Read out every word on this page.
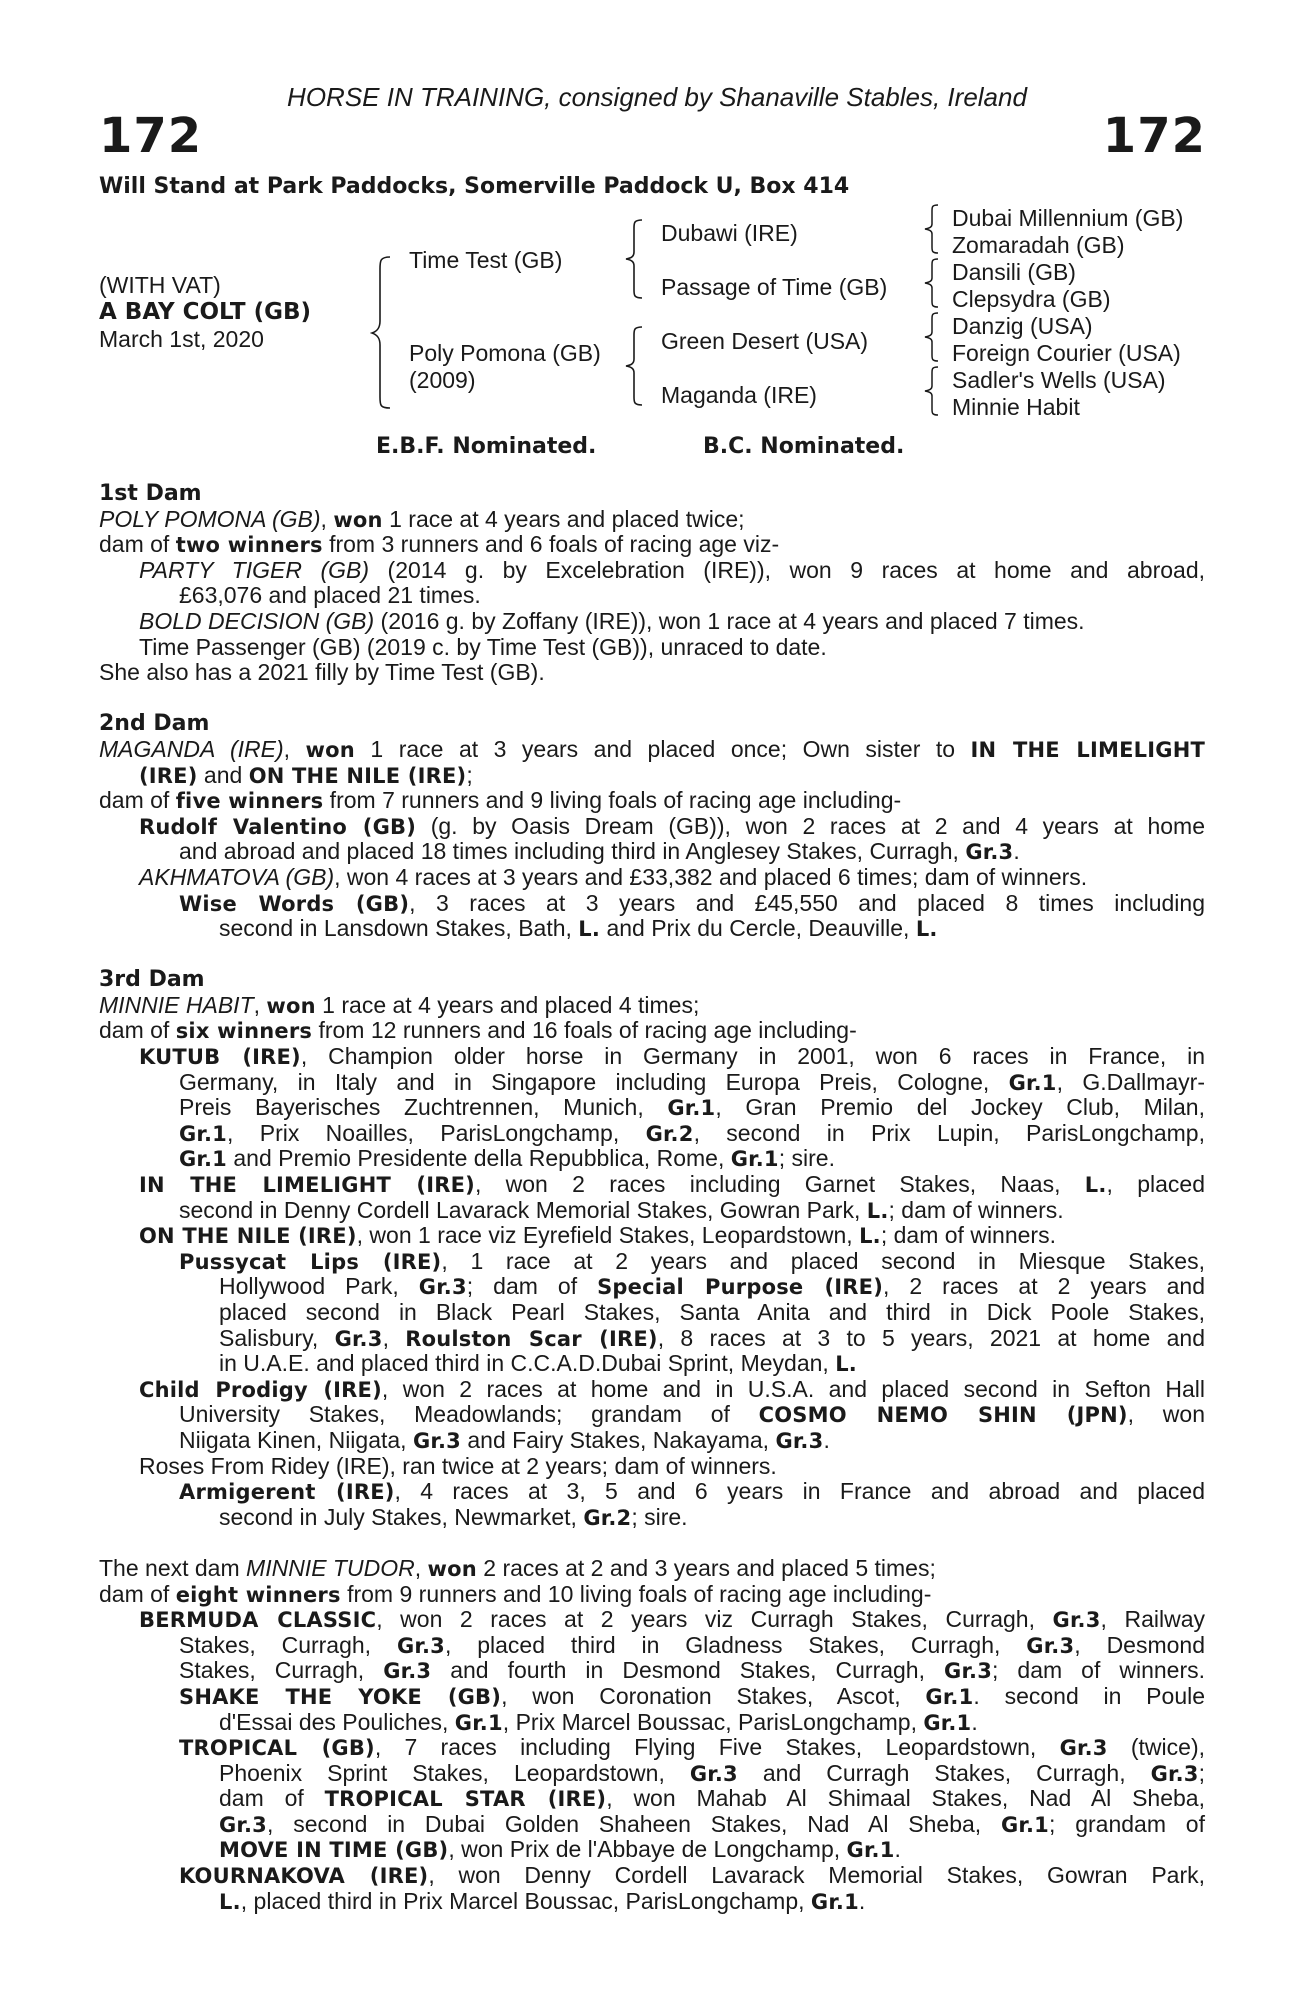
HORSE IN TRAINING, consigned by Shanaville Stables, Ireland
172	172
Will Stand at Park Paddocks, Somerville Paddock U, Box 414
(WITH VAT)
A BAY COLT (GB)
March 1st, 2020
Time Test (GB)
Poly Pomona (GB)
(2009)
Dubawi (IRE)
Passage of Time (GB)
Green Desert (USA)
Maganda (IRE)
Dubai Millennium (GB)
Zomaradah (GB)
Dansili (GB)
Clepsydra (GB)
Danzig (USA)
Foreign Courier (USA)
Sadler's Wells (USA)
Minnie Habit
E.B.F. Nominated.	B.C. Nominated.
1st Dam
POLY POMONA (GB), won 1 race at 4 years and placed twice;
dam of two winners from 3 runners and 6 foals of racing age viz-
PARTY TIGER (GB) (2014 g. by Excelebration (IRE)), won 9 races at home and abroad,
£63,076 and placed 21 times.
BOLD DECISION (GB) (2016 g. by Zoffany (IRE)), won 1 race at 4 years and placed 7 times.
Time Passenger (GB) (2019 c. by Time Test (GB)), unraced to date.
She also has a 2021 filly by Time Test (GB).
2nd Dam
MAGANDA (IRE), won 1 race at 3 years and placed once; Own sister to IN THE LIMELIGHT
(IRE) and ON THE NILE (IRE);
dam of five winners from 7 runners and 9 living foals of racing age including-
Rudolf Valentino (GB) (g. by Oasis Dream (GB)), won 2 races at 2 and 4 years at home
and abroad and placed 18 times including third in Anglesey Stakes, Curragh, Gr.3.
AKHMATOVA (GB), won 4 races at 3 years and £33,382 and placed 6 times; dam of winners.
Wise Words (GB), 3 races at 3 years and £45,550 and placed 8 times including
second in Lansdown Stakes, Bath, L. and Prix du Cercle, Deauville, L.
3rd Dam
MINNIE HABIT, won 1 race at 4 years and placed 4 times;
dam of six winners from 12 runners and 16 foals of racing age including-
KUTUB (IRE), Champion older horse in Germany in 2001, won 6 races in France, in
Germany, in Italy and in Singapore including Europa Preis, Cologne, Gr.1, G.Dallmayr-
Preis Bayerisches Zuchtrennen, Munich, Gr.1, Gran Premio del Jockey Club, Milan,
Gr.1, Prix Noailles, ParisLongchamp, Gr.2, second in Prix Lupin, ParisLongchamp,
Gr.1 and Premio Presidente della Repubblica, Rome, Gr.1; sire.
IN THE LIMELIGHT (IRE), won 2 races including Garnet Stakes, Naas, L., placed
second in Denny Cordell Lavarack Memorial Stakes, Gowran Park, L.; dam of winners.
ON THE NILE (IRE), won 1 race viz Eyrefield Stakes, Leopardstown, L.; dam of winners.
Pussycat Lips (IRE), 1 race at 2 years and placed second in Miesque Stakes,
Hollywood Park, Gr.3; dam of Special Purpose (IRE), 2 races at 2 years and
placed second in Black Pearl Stakes, Santa Anita and third in Dick Poole Stakes,
Salisbury, Gr.3, Roulston Scar (IRE), 8 races at 3 to 5 years, 2021 at home and
in U.A.E. and placed third in C.C.A.D.Dubai Sprint, Meydan, L.
Child Prodigy (IRE), won 2 races at home and in U.S.A. and placed second in Sefton Hall
University Stakes, Meadowlands; grandam of COSMO NEMO SHIN (JPN), won
Niigata Kinen, Niigata, Gr.3 and Fairy Stakes, Nakayama, Gr.3.
Roses From Ridey (IRE), ran twice at 2 years; dam of winners.
Armigerent (IRE), 4 races at 3, 5 and 6 years in France and abroad and placed
second in July Stakes, Newmarket, Gr.2; sire.
The next dam MINNIE TUDOR, won 2 races at 2 and 3 years and placed 5 times;
dam of eight winners from 9 runners and 10 living foals of racing age including-
BERMUDA CLASSIC, won 2 races at 2 years viz Curragh Stakes, Curragh, Gr.3, Railway
Stakes, Curragh, Gr.3, placed third in Gladness Stakes, Curragh, Gr.3, Desmond
Stakes, Curragh, Gr.3 and fourth in Desmond Stakes, Curragh, Gr.3; dam of winners.
SHAKE THE YOKE (GB), won Coronation Stakes, Ascot, Gr.1. second in Poule
d'Essai des Pouliches, Gr.1, Prix Marcel Boussac, ParisLongchamp, Gr.1.
TROPICAL (GB), 7 races including Flying Five Stakes, Leopardstown, Gr.3 (twice),
Phoenix Sprint Stakes, Leopardstown, Gr.3 and Curragh Stakes, Curragh, Gr.3;
dam of TROPICAL STAR (IRE), won Mahab Al Shimaal Stakes, Nad Al Sheba,
Gr.3, second in Dubai Golden Shaheen Stakes, Nad Al Sheba, Gr.1; grandam of
MOVE IN TIME (GB), won Prix de l'Abbaye de Longchamp, Gr.1.
KOURNAKOVA (IRE), won Denny Cordell Lavarack Memorial Stakes, Gowran Park,
L., placed third in Prix Marcel Boussac, ParisLongchamp, Gr.1.
